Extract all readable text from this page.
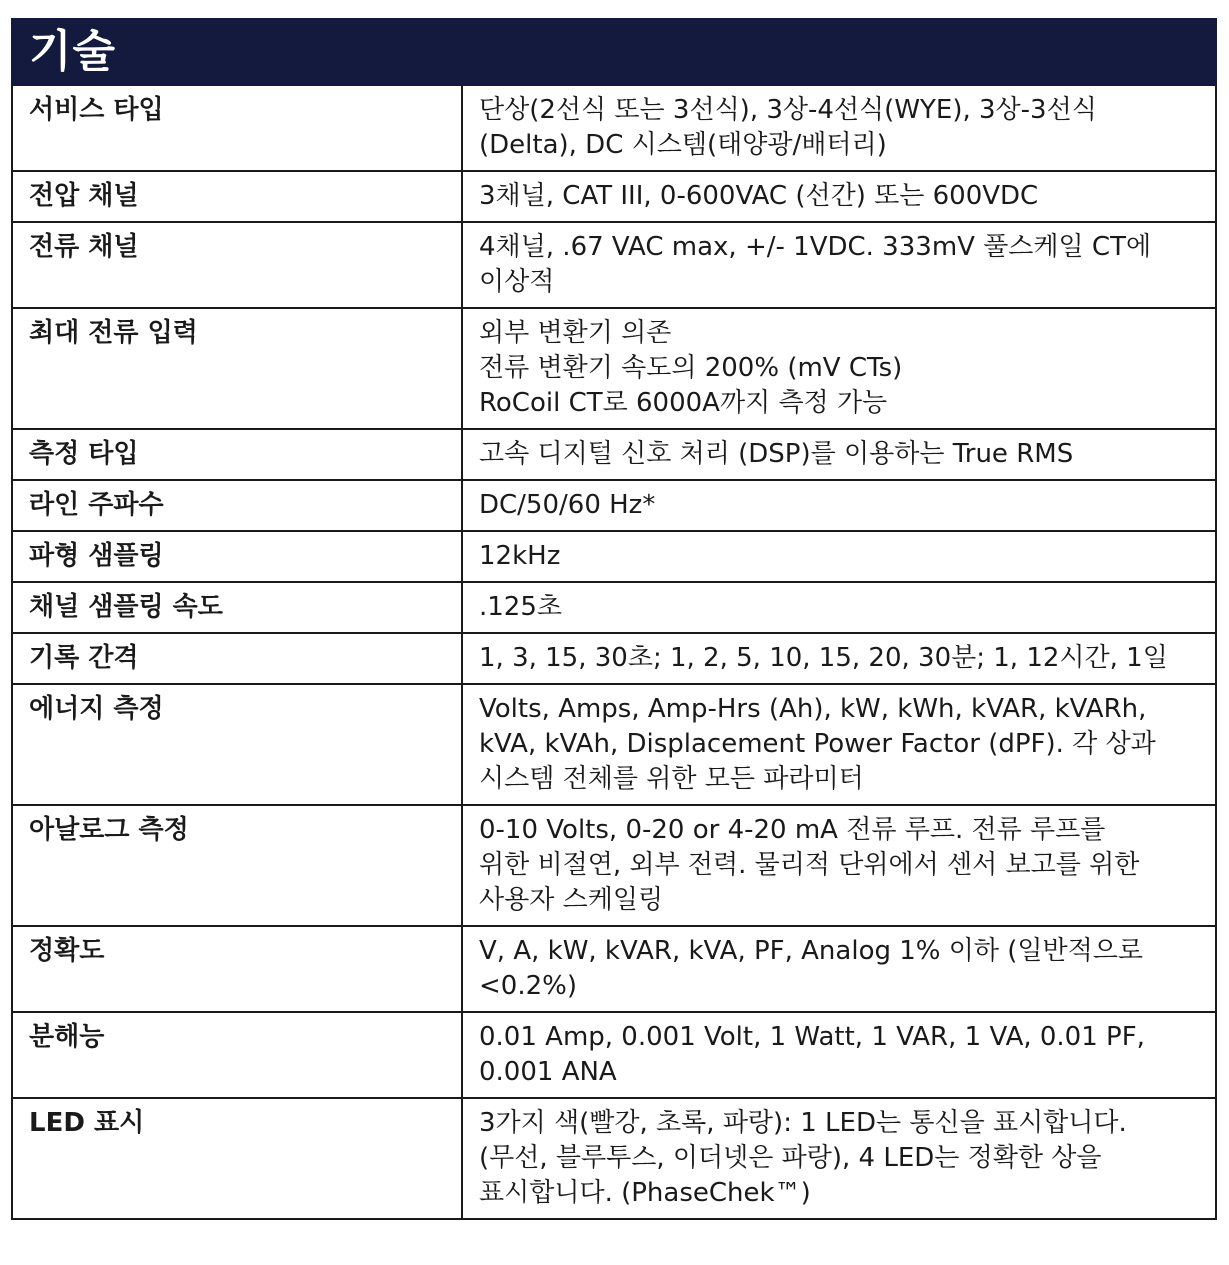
기술
서비스 타입	단상(2선식 또는 3선식), 3상-4선식(WYE), 3상-3선식
(Delta), DC 시스템(태양광/배터리)

전압 채널	3채널, CAT III, 0-600VAC (선간) 또는 600VDC

전류 채널	4채널, .67 VAC max, +/- 1VDC. 333mV 풀스케일 CT에
이상적

최대 전류 입력	외부 변환기 의존
전류 변환기 속도의 200% (mV CTs)
RoCoil CT로 6000A까지 측정 가능

측정 타입	고속 디지털 신호 처리 (DSP)를 이용하는 True RMS

라인 주파수	DC/50/60 Hz*

파형 샘플링	12kHz

채널 샘플링 속도	.125초

기록 간격	1, 3, 15, 30초; 1, 2, 5, 10, 15, 20, 30분; 1, 12시간, 1일

에너지 측정	Volts, Amps, Amp-Hrs (Ah), kW, kWh, kVAR, kVARh,
kVA, kVAh, Displacement Power Factor (dPF). 각 상과
시스템 전체를 위한 모든 파라미터

아날로그 측정	0-10 Volts, 0-20 or 4-20 mA 전류 루프. 전류 루프를
위한 비절연, 외부 전력. 물리적 단위에서 센서 보고를 위한
사용자 스케일링

정확도	V, A, kW, kVAR, kVA, PF, Analog 1% 이하 (일반적으로
<0.2%)

분해능	0.01 Amp, 0.001 Volt, 1 Watt, 1 VAR, 1 VA, 0.01 PF,
0.001 ANA

LED 표시	3가지 색(빨강, 초록, 파랑): 1 LED는 통신을 표시합니다.
(무선, 블루투스, 이더넷은 파랑), 4 LED는 정확한 상을
표시합니다. (PhaseChek™)
